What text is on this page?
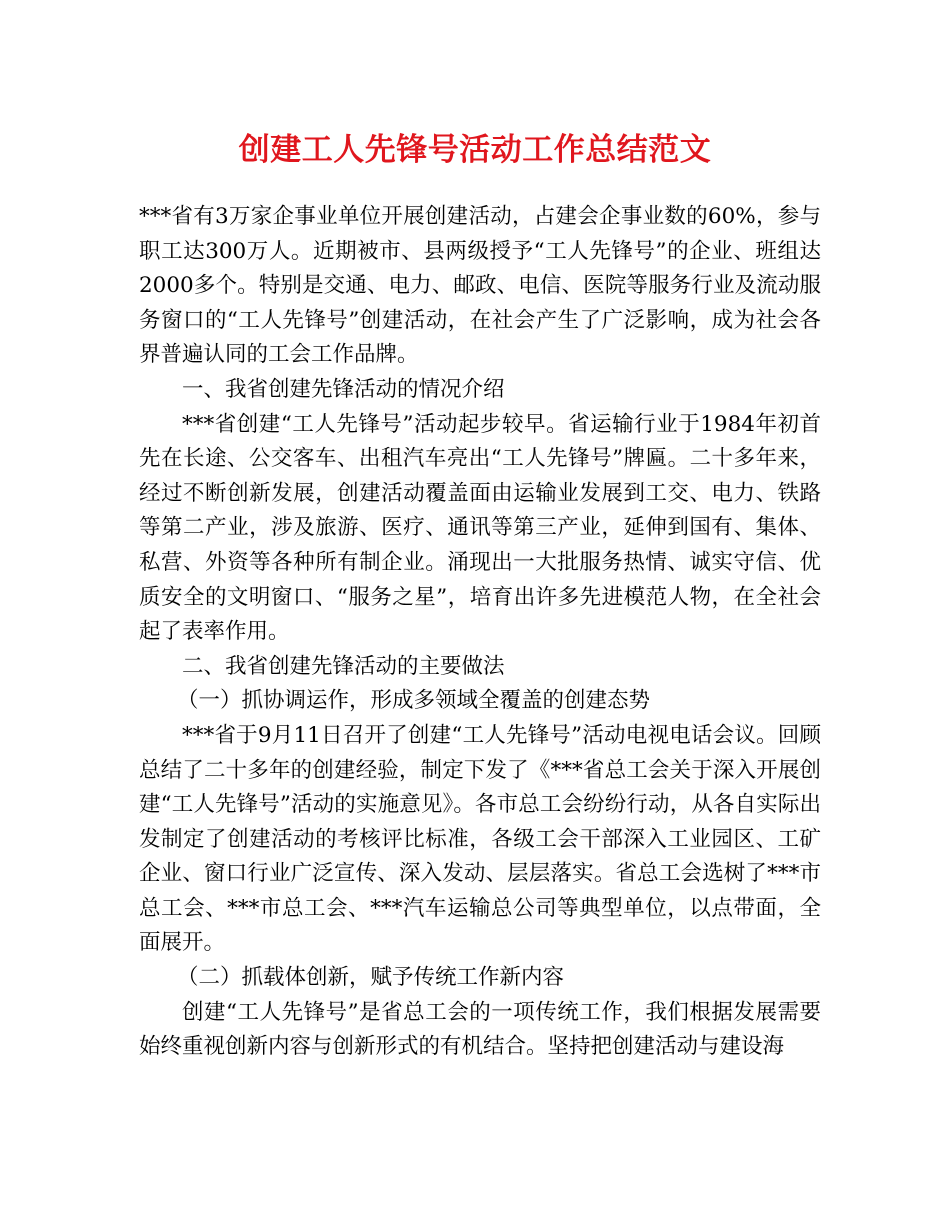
创建工人先锋号活动工作总结范文

***省有3万家企事业单位开展创建活动，占建会企事业数的60%，参与职工达300万人。近期被市、县两级授予“工人先锋号”的企业、班组达2000多个。特别是交通、电力、邮政、电信、医院等服务行业及流动服务窗口的“工人先锋号”创建活动，在社会产生了广泛影响，成为社会各界普遍认同的工会工作品牌。

一、我省创建先锋活动的情况介绍

***省创建“工人先锋号”活动起步较早。省运输行业于1984年初首先在长途、公交客车、出租汽车亮出“工人先锋号”牌匾。二十多年来，经过不断创新发展，创建活动覆盖面由运输业发展到工交、电力、铁路等第二产业，涉及旅游、医疗、通讯等第三产业，延伸到国有、集体、私营、外资等各种所有制企业。涌现出一大批服务热情、诚实守信、优质安全的文明窗口、“服务之星”，培育出许多先进模范人物，在全社会起了表率作用。

二、我省创建先锋活动的主要做法

（一）抓协调运作，形成多领域全覆盖的创建态势

***省于9月11日召开了创建“工人先锋号”活动电视电话会议。回顾总结了二十多年的创建经验，制定下发了《***省总工会关于深入开展创建“工人先锋号”活动的实施意见》。各市总工会纷纷行动，从各自实际出发制定了创建活动的考核评比标准，各级工会干部深入工业园区、工矿企业、窗口行业广泛宣传、深入发动、层层落实。省总工会选树了***市总工会、***市总工会、***汽车运输总公司等典型单位，以点带面，全面展开。

（二）抓载体创新，赋予传统工作新内容

创建“工人先锋号”是省总工会的一项传统工作，我们根据发展需要始终重视创新内容与创新形式的有机结合。坚持把创建活动与建设海
